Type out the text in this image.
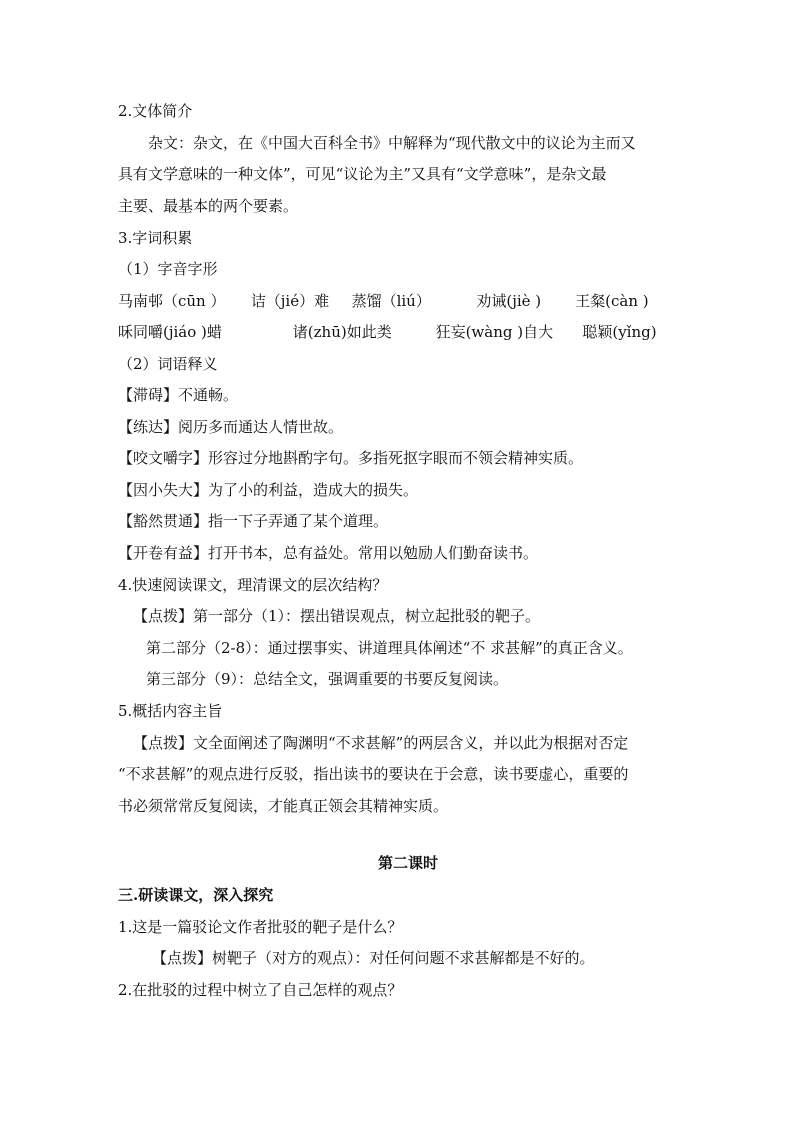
2.文体简介
杂文：杂文，在《中国大百科全书》中解释为“现代散文中的议论为主而又
具有文学意味的一种文体”，可见“议论为主”又具有“文学意味”，是杂文最
主要、最基本的两个要素。
3.字词积累
（1）字音字形
马南邨（cūn ） 诘（jié）难 蒸馏（liú）	劝诫(jiè ) 王粲(càn )
咊同嚼(jiáo )蜡	诸(zhū)如此类	狂妄(wàng )自大 聪颖(yǐng)
（2）词语释义
【滞碍】不通畅。
【练达】阅历多而通达人情世故。
【咬文嚼字】形容过分地斟酌字句。多指死抠字眼而不领会精神实质。
【因小失大】为了小的利益，造成大的损失。
【豁然贯通】指一下子弄通了某个道理。
【开卷有益】打开书本，总有益处。常用以勉励人们勤奋读书。
4.快速阅读课文，理清课文的层次结构？
【点拨】第一部分（1）：摆出错误观点，树立起批驳的靶子。
第二部分（2-8）：通过摆事实、讲道理具体阐述“不 求甚解”的真正含义。
第三部分（9）：总结全文，强调重要的书要反复阅读。
5.概括内容主旨
【点拨】文全面阐述了陶渊明“不求甚解”的两层含义，并以此为根据对否定
“不求甚解”的观点进行反驳，指出读书的要诀在于会意，读书要虚心，重要的
书必须常常反复阅读，才能真正领会其精神实质。
第二课时
三.研读课文，深入探究
1.这是一篇驳论文作者批驳的靶子是什么？
【点拨】树靶子（对方的观点）：对任何问题不求甚解都是不好的。
2.在批驳的过程中树立了自己怎样的观点？
